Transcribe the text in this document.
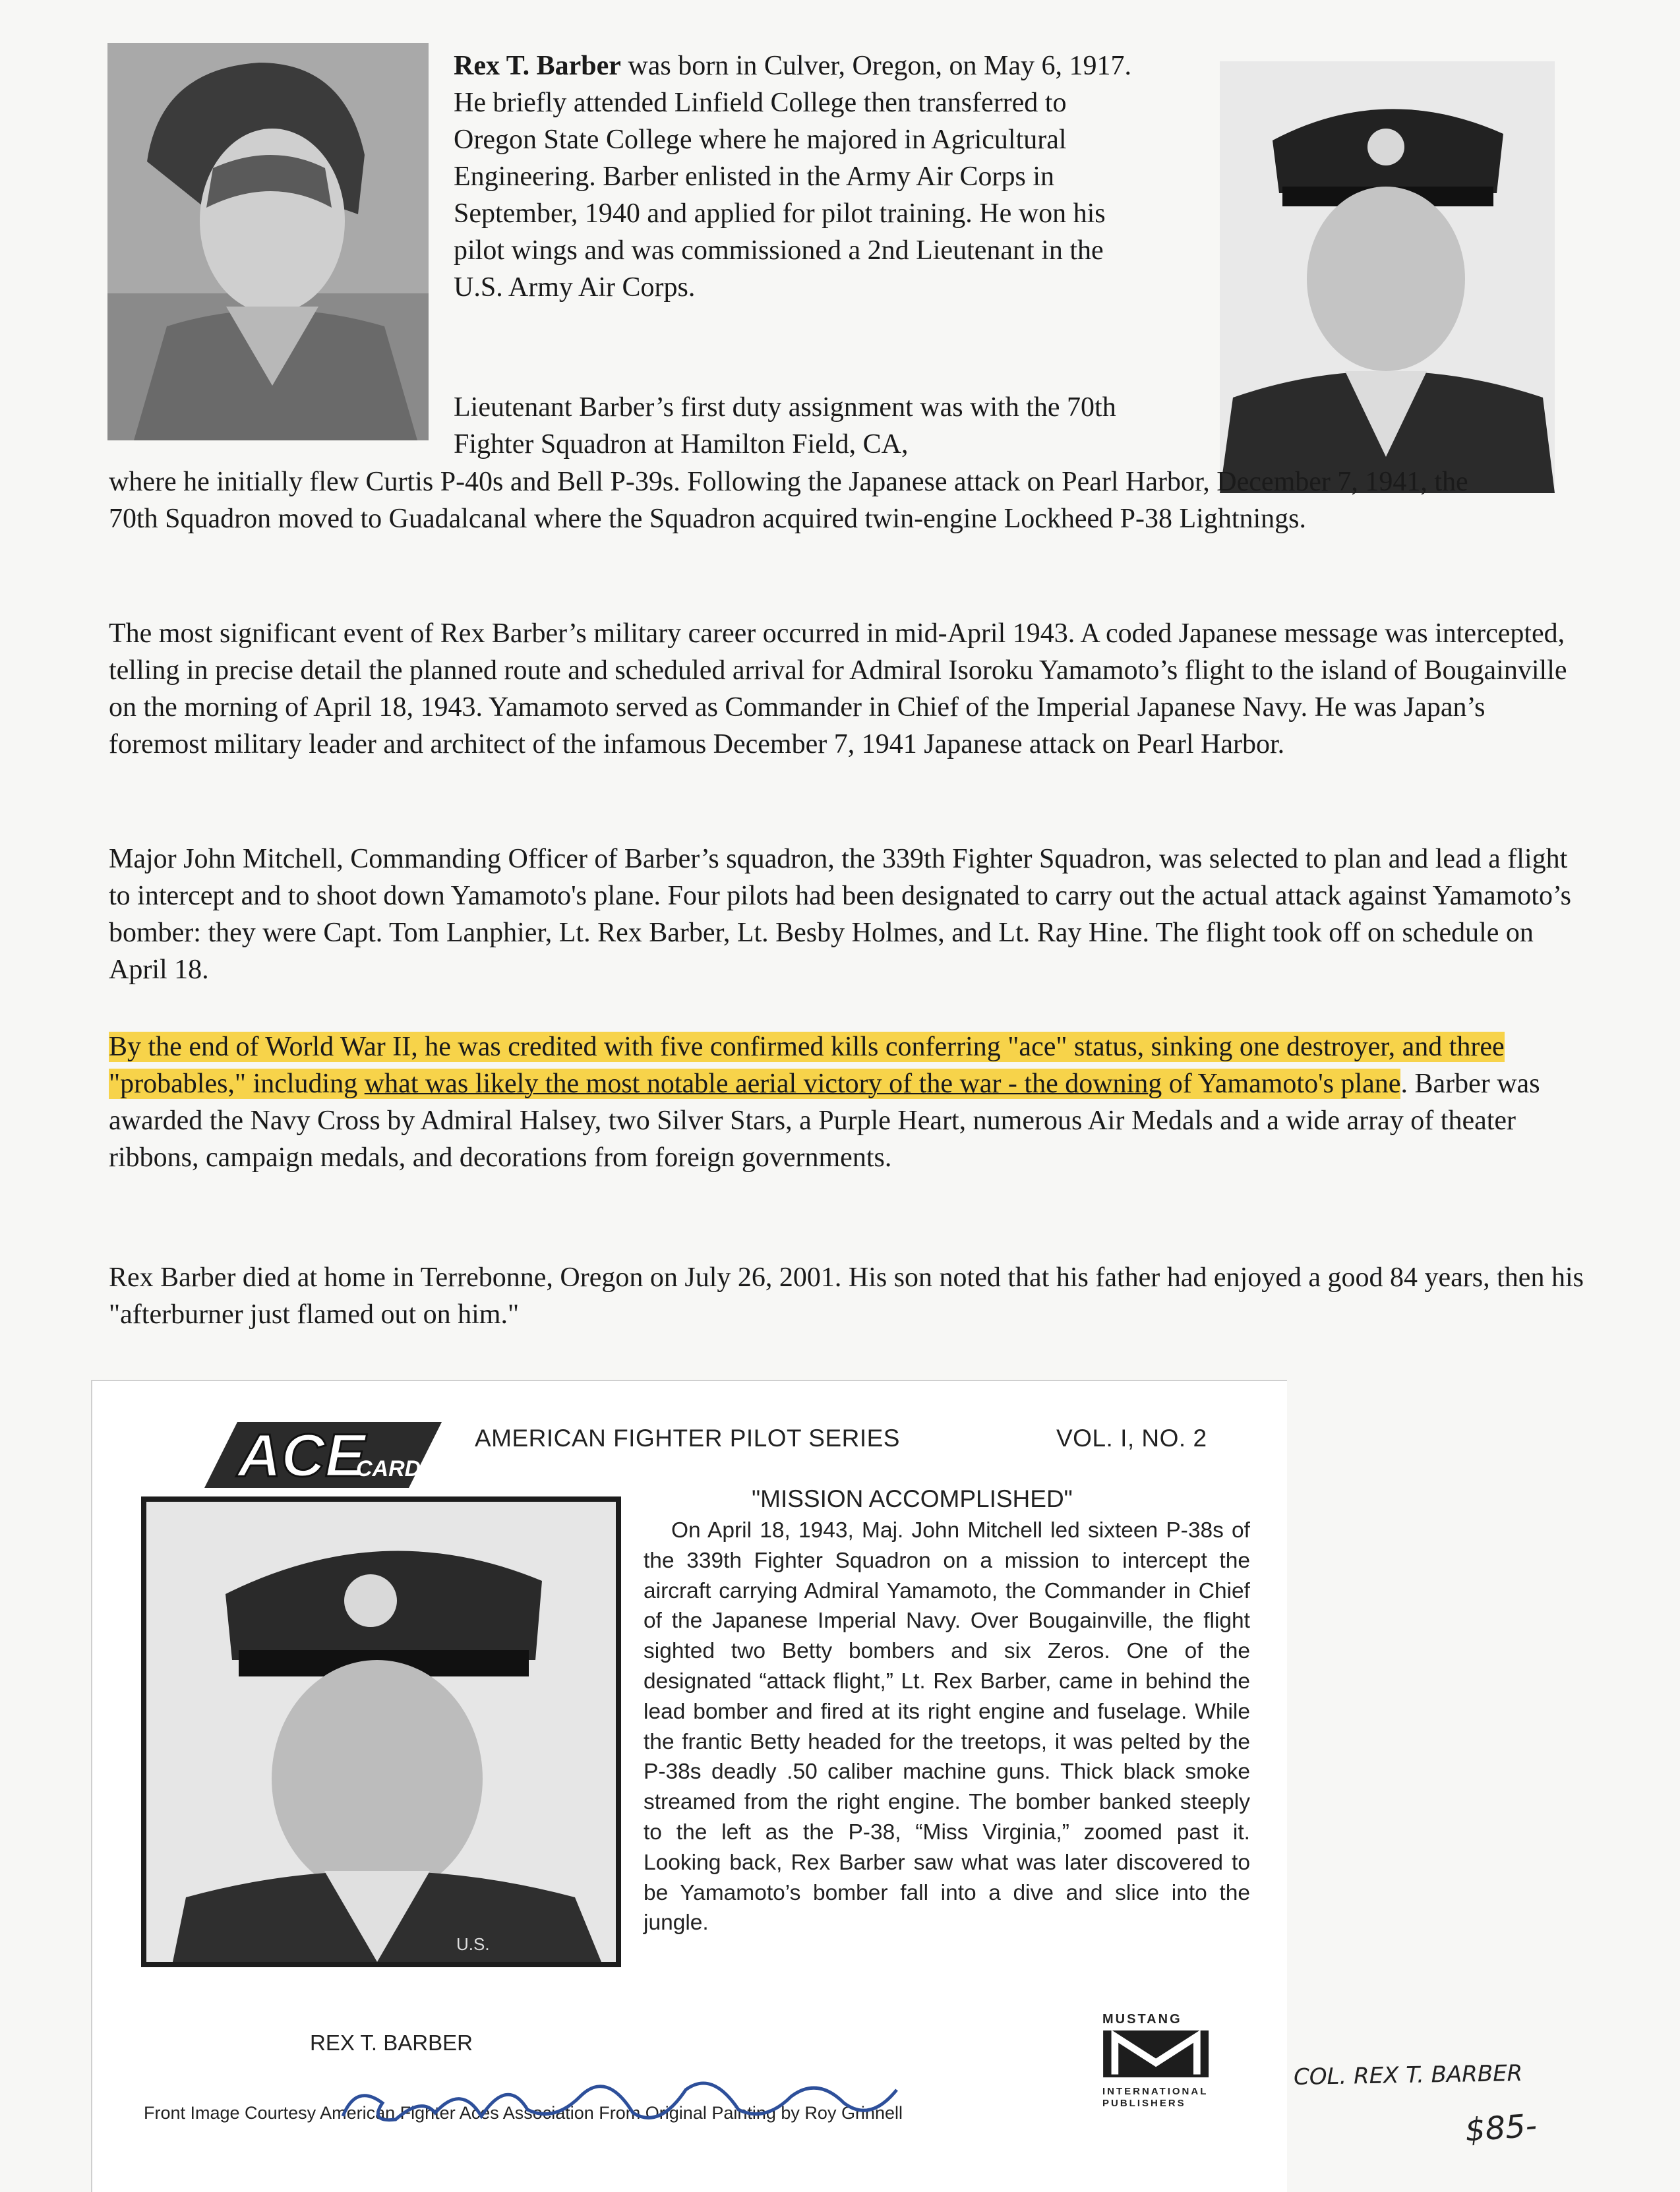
Rex T. Barber was born in Culver, Oregon, on May 6, 1917. He briefly attended Linfield College then transferred to Oregon State College where he majored in Agricultural Engineering. Barber enlisted in the Army Air Corps in September, 1940 and applied for pilot training. He won his pilot wings and was commissioned a 2nd Lieutenant in the U.S. Army Air Corps.

Lieutenant Barber’s first duty assignment was with the 70th Fighter Squadron at Hamilton Field, CA,

where he initially flew Curtis P-40s and Bell P-39s. Following the Japanese attack on Pearl Harbor, December 7, 1941, the 70th Squadron moved to Guadalcanal where the Squadron acquired twin-engine Lockheed P-38 Lightnings.

The most significant event of Rex Barber’s military career occurred in mid-April 1943. A coded Japanese message was intercepted, telling in precise detail the planned route and scheduled arrival for Admiral Isoroku Yamamoto’s flight to the island of Bougainville on the morning of April 18, 1943. Yamamoto served as Commander in Chief of the Imperial Japanese Navy. He was Japan’s foremost military leader and architect of the infamous December 7, 1941 Japanese attack on Pearl Harbor.

Major John Mitchell, Commanding Officer of Barber’s squadron, the 339th Fighter Squadron, was selected to plan and lead a flight to intercept and to shoot down Yamamoto's plane. Four pilots had been designated to carry out the actual attack against Yamamoto’s bomber: they were Capt. Tom Lanphier, Lt. Rex Barber, Lt. Besby Holmes, and Lt. Ray Hine. The flight took off on schedule on April 18.

By the end of World War II, he was credited with five confirmed kills conferring "ace" status, sinking one destroyer, and three "probables," including what was likely the most notable aerial victory of the war - the downing of Yamamoto's plane. Barber was awarded the Navy Cross by Admiral Halsey, two Silver Stars, a Purple Heart, numerous Air Medals and a wide array of theater ribbons, campaign medals, and decorations from foreign governments.

Rex Barber died at home in Terrebonne, Oregon on July 26, 2001. His son noted that his father had enjoyed a good 84 years, then his "afterburner just flamed out on him."

ACE
CARD
AMERICAN FIGHTER PILOT SERIES	VOL. I, NO. 2
"MISSION ACCOMPLISHED"

On April 18, 1943, Maj. John Mitchell led sixteen P-38s of the 339th Fighter Squadron on a mission to intercept the aircraft carrying Admiral Yamamoto, the Commander in Chief of the Japanese Imperial Navy. Over Bougainville, the flight sighted two Betty bombers and six Zeros. One of the designated “attack flight,” Lt. Rex Barber, came in behind the lead bomber and fired at its right engine and fuselage. While the frantic Betty headed for the treetops, it was pelted by the P-38s deadly .50 caliber machine guns. Thick black smoke streamed from the right engine. The bomber banked steeply to the left as the P-38, “Miss Virginia,” zoomed past it. Looking back, Rex Barber saw what was later discovered to be Yamamoto’s bomber fall into a dive and slice into the jungle.

U.S.
REX T. BARBER
Front Image Courtesy American Fighter Aces Association From Original Painting by Roy Grinnell
MUSTANG
INTERNATIONAL
PUBLISHERS
COL. REX T. BARBER
$85-
